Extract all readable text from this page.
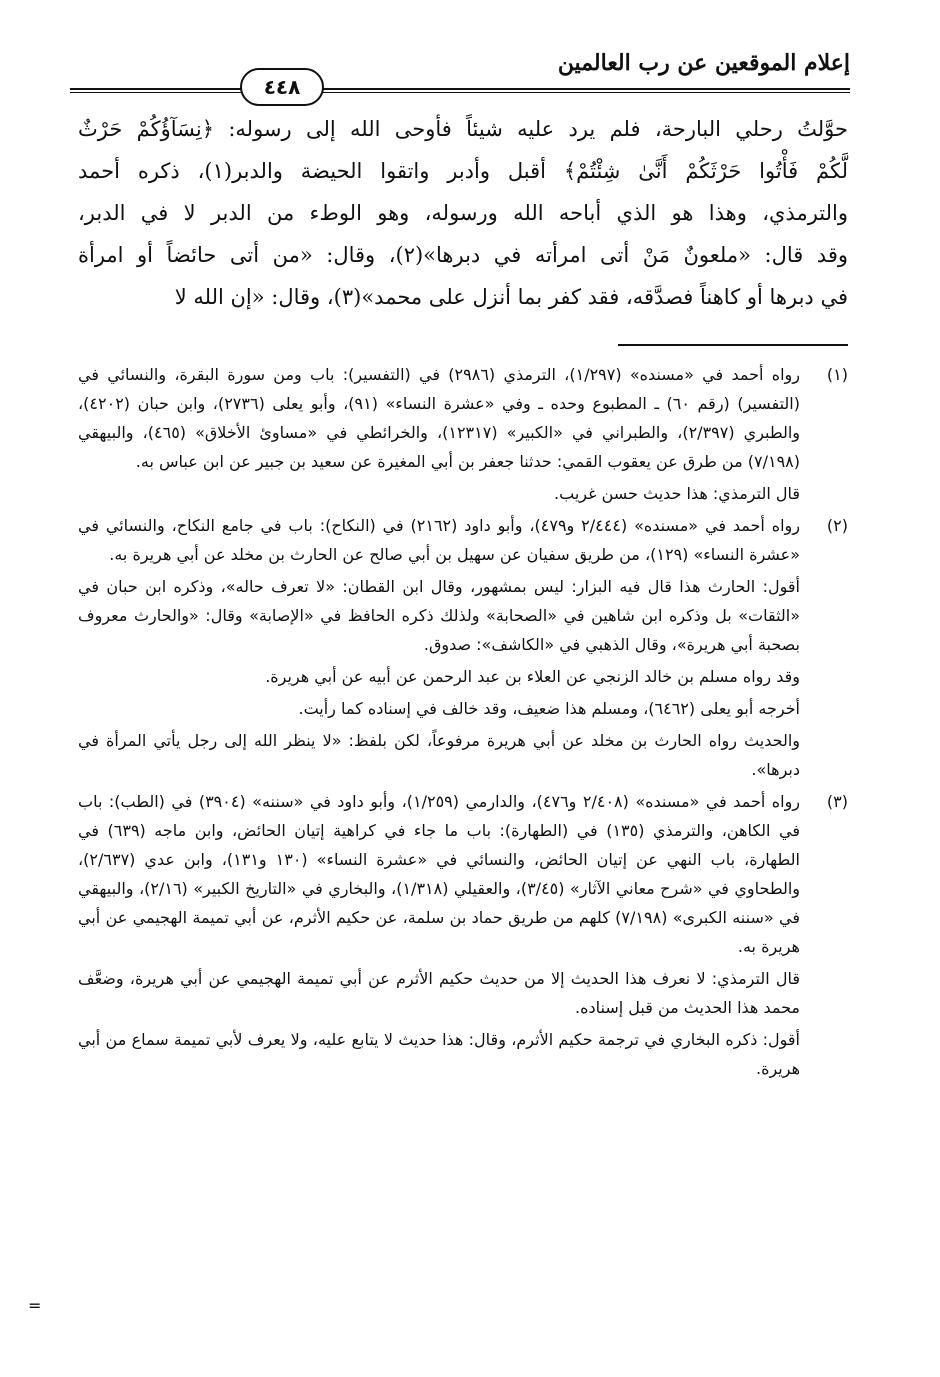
إعلام الموقعين عن رب العالمين
٤٤٨

حوَّلتُ رحلي البارحة، فلم يرد عليه شيئاً فأوحى الله إلى رسوله: ﴿نِسَآؤُكُمْ حَرْثٌ

لَّكُمْ فَأْتُوا حَرْثَكُمْ أَنَّىٰ شِئْتُمْ﴾ أقبل وأدبر واتقوا الحيضة والدبر(١)، ذكره أحمد

والترمذي، وهذا هو الذي أباحه الله ورسوله، وهو الوطء من الدبر لا في الدبر،

وقد قال: «ملعونٌ مَنْ أتى امرأته في دبرها»(٢)، وقال: «من أتى حائضاً أو امرأة

في دبرها أو كاهناً فصدَّقه، فقد كفر بما أنزل على محمد»(٣)، وقال: «إن الله لا

(١)

رواه أحمد في «مسنده» (١/٢٩٧)، الترمذي (٢٩٨٦) في (التفسير): باب ومن سورة البقرة، والنسائي في (التفسير) (رقم ٦٠) ـ المطبوع وحده ـ وفي «عشرة النساء» (٩١)، وأبو يعلى (٢٧٣٦)، وابن حبان (٤٢٠٢)، والطبري (٢/٣٩٧)، والطبراني في «الكبير» (١٢٣١٧)، والخرائطي في «مساوئ الأخلاق» (٤٦٥)، والبيهقي (٧/١٩٨) من طرق عن يعقوب القمي: حدثنا جعفر بن أبي المغيرة عن سعيد بن جبير عن ابن عباس به.

قال الترمذي: هذا حديث حسن غريب.

(٢)

رواه أحمد في «مسنده» (٢/٤٤٤ و٤٧٩)، وأبو داود (٢١٦٢) في (النكاح): باب في جامع النكاح، والنسائي في «عشرة النساء» (١٢٩)، من طريق سفيان عن سهيل بن أبي صالح عن الحارث بن مخلد عن أبي هريرة به.

أقول: الحارث هذا قال فيه البزار: ليس بمشهور، وقال ابن القطان: «لا تعرف حاله»، وذكره ابن حبان في «الثقات» بل وذكره ابن شاهين في «الصحابة» ولذلك ذكره الحافظ في «الإصابة» وقال: «والحارث معروف بصحبة أبي هريرة»، وقال الذهبي في «الكاشف»: صدوق.

وقد رواه مسلم بن خالد الزنجي عن العلاء بن عبد الرحمن عن أبيه عن أبي هريرة.

أخرجه أبو يعلى (٦٤٦٢)، ومسلم هذا ضعيف، وقد خالف في إسناده كما رأيت.

والحديث رواه الحارث بن مخلد عن أبي هريرة مرفوعاً، لكن بلفظ: «لا ينظر الله إلى رجل يأتي المرأة في دبرها».

(٣)

رواه أحمد في «مسنده» (٢/٤٠٨ و٤٧٦)، والدارمي (١/٢٥٩)، وأبو داود في «سننه» (٣٩٠٤) في (الطب): باب في الكاهن، والترمذي (١٣٥) في (الطهارة): باب ما جاء في كراهية إتيان الحائض، وابن ماجه (٦٣٩) في الطهارة، باب النهي عن إتيان الحائض، والنسائي في «عشرة النساء» (١٣٠ و١٣١)، وابن عدي (٢/٦٣٧)، والطحاوي في «شرح معاني الآثار» (٣/٤٥)، والعقيلي (١/٣١٨)، والبخاري في «التاريخ الكبير» (٢/١٦)، والبيهقي في «سننه الكبرى» (٧/١٩٨) كلهم من طريق حماد بن سلمة، عن حكيم الأثرم، عن أبي تميمة الهجيمي عن أبي هريرة به.

قال الترمذي: لا نعرف هذا الحديث إلا من حديث حكيم الأثرم عن أبي تميمة الهجيمي عن أبي هريرة، وضعَّف محمد هذا الحديث من قبل إسناده.

أقول: ذكره البخاري في ترجمة حكيم الأثرم، وقال: هذا حديث لا يتابع عليه، ولا يعرف لأبي تميمة سماع من أبي هريرة.

=
